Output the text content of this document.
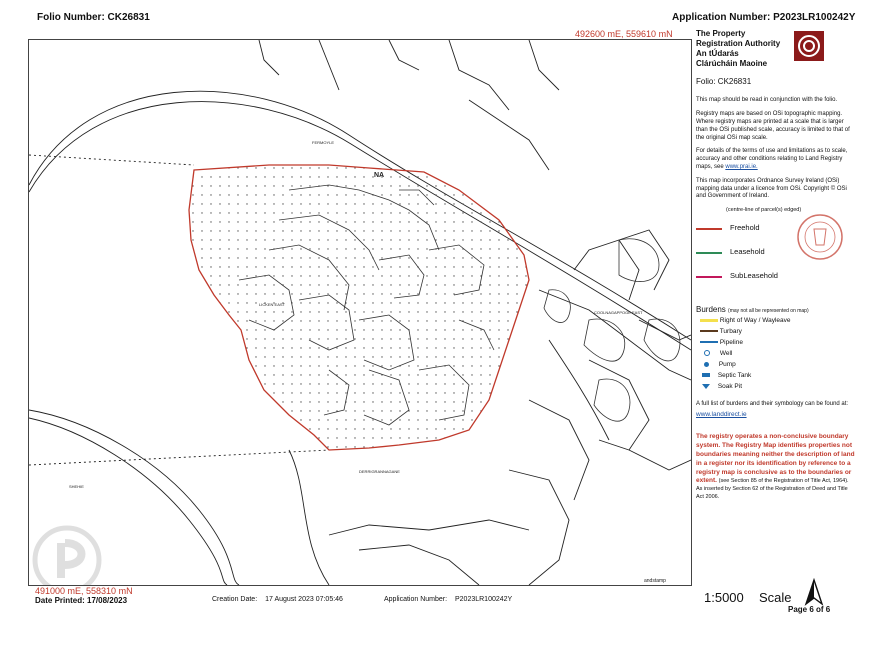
Folio Number: CK26831	Application Number: P2023LR100242Y
492600 mE, 559610 mN
NA
FERMOYLE
LICKEN EAST
COOLNAGAPPOGE EAST
DERRIGRANNAGANE
SHEHIE
andstamp
491000 mE, 558310 mN
The Property
Registration Authority
An tÚdarás
Clárúcháin Maoine
Folio: CK26831

This map should be read in conjunction with the folio.

Registry maps are based on OSi topographic mapping. Where registry maps are printed at a scale that is larger than the OSi published scale, accuracy is limited to that of the original OSi map scale.

For details of the terms of use and limitations as to scale, accuracy and other conditions relating to Land Registry maps, see www.prai.ie.

This map incorporates Ordnance Survey Ireland (OSi) mapping data under a licence from OSi. Copyright © OSi and Government of Ireland.

(centre-line of parcel(s) edged)
Freehold
Leasehold
SubLeasehold
Burdens (may not all be represented on map)
Right of Way / Wayleave
Turbary
Pipeline
Well
Pump
Septic Tank
Soak Pit

A full list of burdens and their symbology can be found at:

www.landdirect.ie

The registry operates a non-conclusive boundary system. The Registry Map identifies properties not boundaries meaning neither the description of land in a register nor its identification by reference to a registry map is conclusive as to the boundaries or extent. (see Section 85 of the Registration of Title Act, 1964). As inserted by Section 62 of the Registration of Deed and Title Act 2006.

1:5000 Scale
Page 6 of 6
Date Printed: 17/08/2023	Creation Date: 17 August 2023 07:05:46	Application Number: P2023LR100242Y
